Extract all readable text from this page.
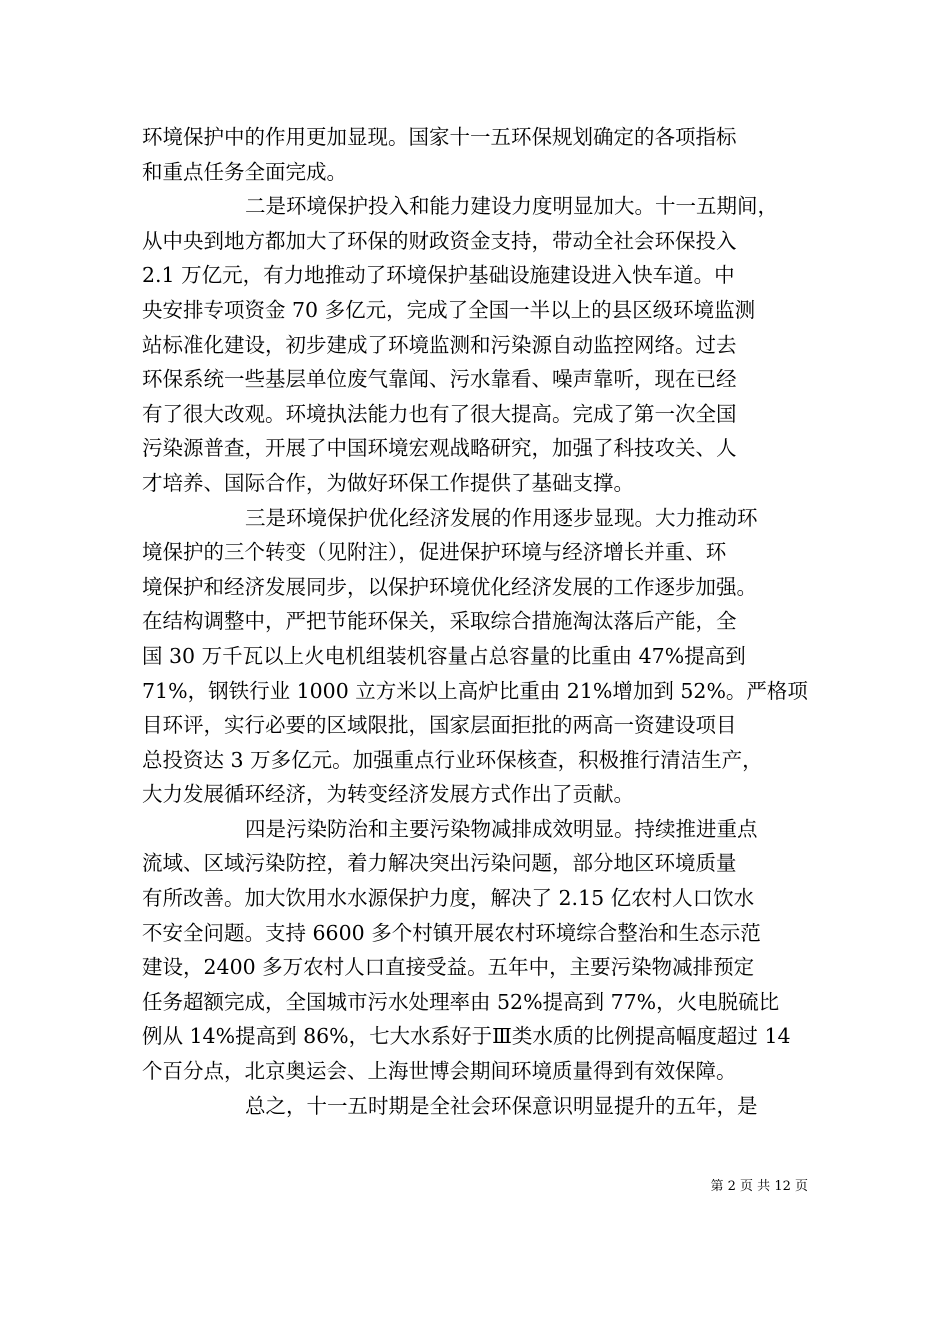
环境保护中的作用更加显现。国家十一五环保规划确定的各项指标
和重点任务全面完成。
二是环境保护投入和能力建设力度明显加大。十一五期间，
从中央到地方都加大了环保的财政资金支持，带动全社会环保投入
2.1 万亿元，有力地推动了环境保护基础设施建设进入快车道。中
央安排专项资金 70 多亿元，完成了全国一半以上的县区级环境监测
站标准化建设，初步建成了环境监测和污染源自动监控网络。过去
环保系统一些基层单位废气靠闻、污水靠看、噪声靠听，现在已经
有了很大改观。环境执法能力也有了很大提高。完成了第一次全国
污染源普查，开展了中国环境宏观战略研究，加强了科技攻关、人
才培养、国际合作，为做好环保工作提供了基础支撑。
三是环境保护优化经济发展的作用逐步显现。大力推动环
境保护的三个转变（见附注），促进保护环境与经济增长并重、环
境保护和经济发展同步，以保护环境优化经济发展的工作逐步加强。
在结构调整中，严把节能环保关，采取综合措施淘汰落后产能，全
国 30 万千瓦以上火电机组装机容量占总容量的比重由 47%提高到
71%，钢铁行业 1000 立方米以上高炉比重由 21%增加到 52%。严格项
目环评，实行必要的区域限批，国家层面拒批的两高一资建设项目
总投资达 3 万多亿元。加强重点行业环保核查，积极推行清洁生产，
大力发展循环经济，为转变经济发展方式作出了贡献。
四是污染防治和主要污染物减排成效明显。持续推进重点
流域、区域污染防控，着力解决突出污染问题，部分地区环境质量
有所改善。加大饮用水水源保护力度，解决了 2.15 亿农村人口饮水
不安全问题。支持 6600 多个村镇开展农村环境综合整治和生态示范
建设，2400 多万农村人口直接受益。五年中，主要污染物减排预定
任务超额完成，全国城市污水处理率由 52%提高到 77%，火电脱硫比
例从 14%提高到 86%，七大水系好于Ⅲ类水质的比例提高幅度超过 14
个百分点，北京奥运会、上海世博会期间环境质量得到有效保障。
总之，十一五时期是全社会环保意识明显提升的五年，是
第 2 页 共 12 页
